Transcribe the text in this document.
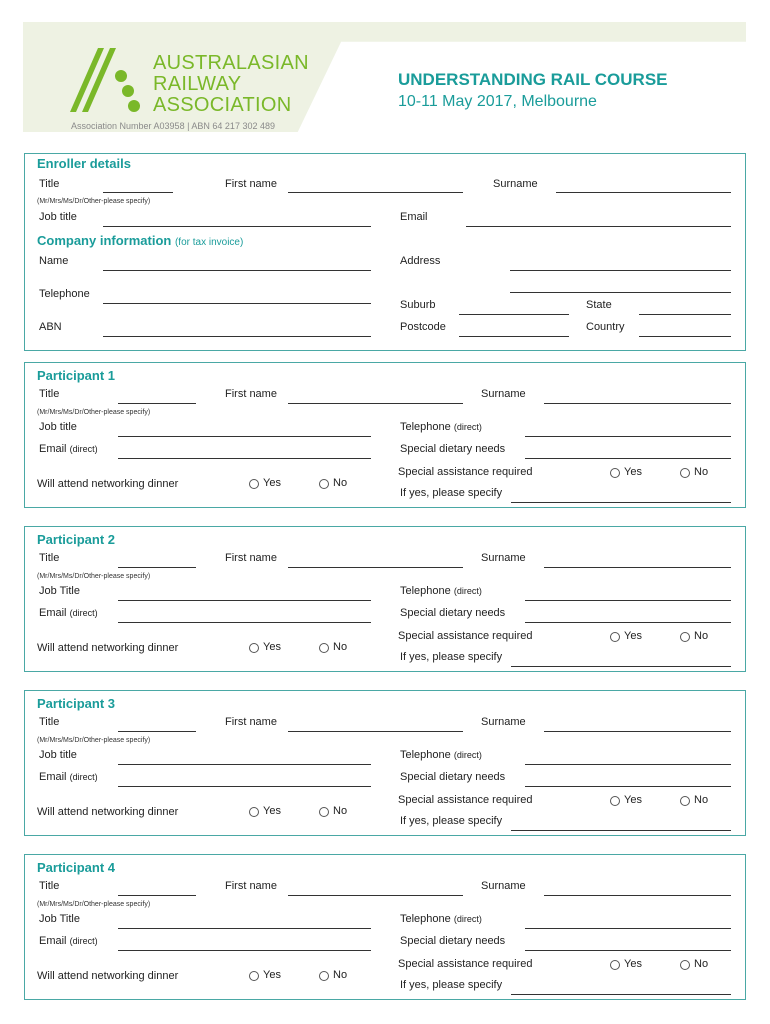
AUSTRALASIAN
RAILWAY
ASSOCIATION
Association Number A03958 | ABN 64 217 302 489
UNDERSTANDING RAIL COURSE
10-11 May 2017, Melbourne
Enroller details
Title
(Mr/Mrs/Ms/Dr/Other-please specify)
First name	Surname
Job title	Email
Company information (for tax invoice)
Name	Address
Telephone
Suburb	State
ABN	Postcode	Country
Participant 1
Title
(Mr/Mrs/Ms/Dr/Other-please specify)
First name	Surname
Job title	Telephone (direct)
Email (direct)	Special dietary needs
Special assistance required	Yes	No
Will attend networking dinner	Yes	No
If yes, please specify
Participant 2
Title
(Mr/Mrs/Ms/Dr/Other-please specify)
First name	Surname
Job Title	Telephone (direct)
Email (direct)	Special dietary needs
Special assistance required	Yes	No
Will attend networking dinner	Yes	No
If yes, please specify
Participant 3
Title
(Mr/Mrs/Ms/Dr/Other-please specify)
First name	Surname
Job title	Telephone (direct)
Email (direct)	Special dietary needs
Special assistance required	Yes	No
Will attend networking dinner	Yes	No
If yes, please specify
Participant 4
Title
(Mr/Mrs/Ms/Dr/Other-please specify)
First name	Surname
Job Title	Telephone (direct)
Email (direct)	Special dietary needs
Special assistance required	Yes	No
Will attend networking dinner	Yes	No
If yes, please specify
